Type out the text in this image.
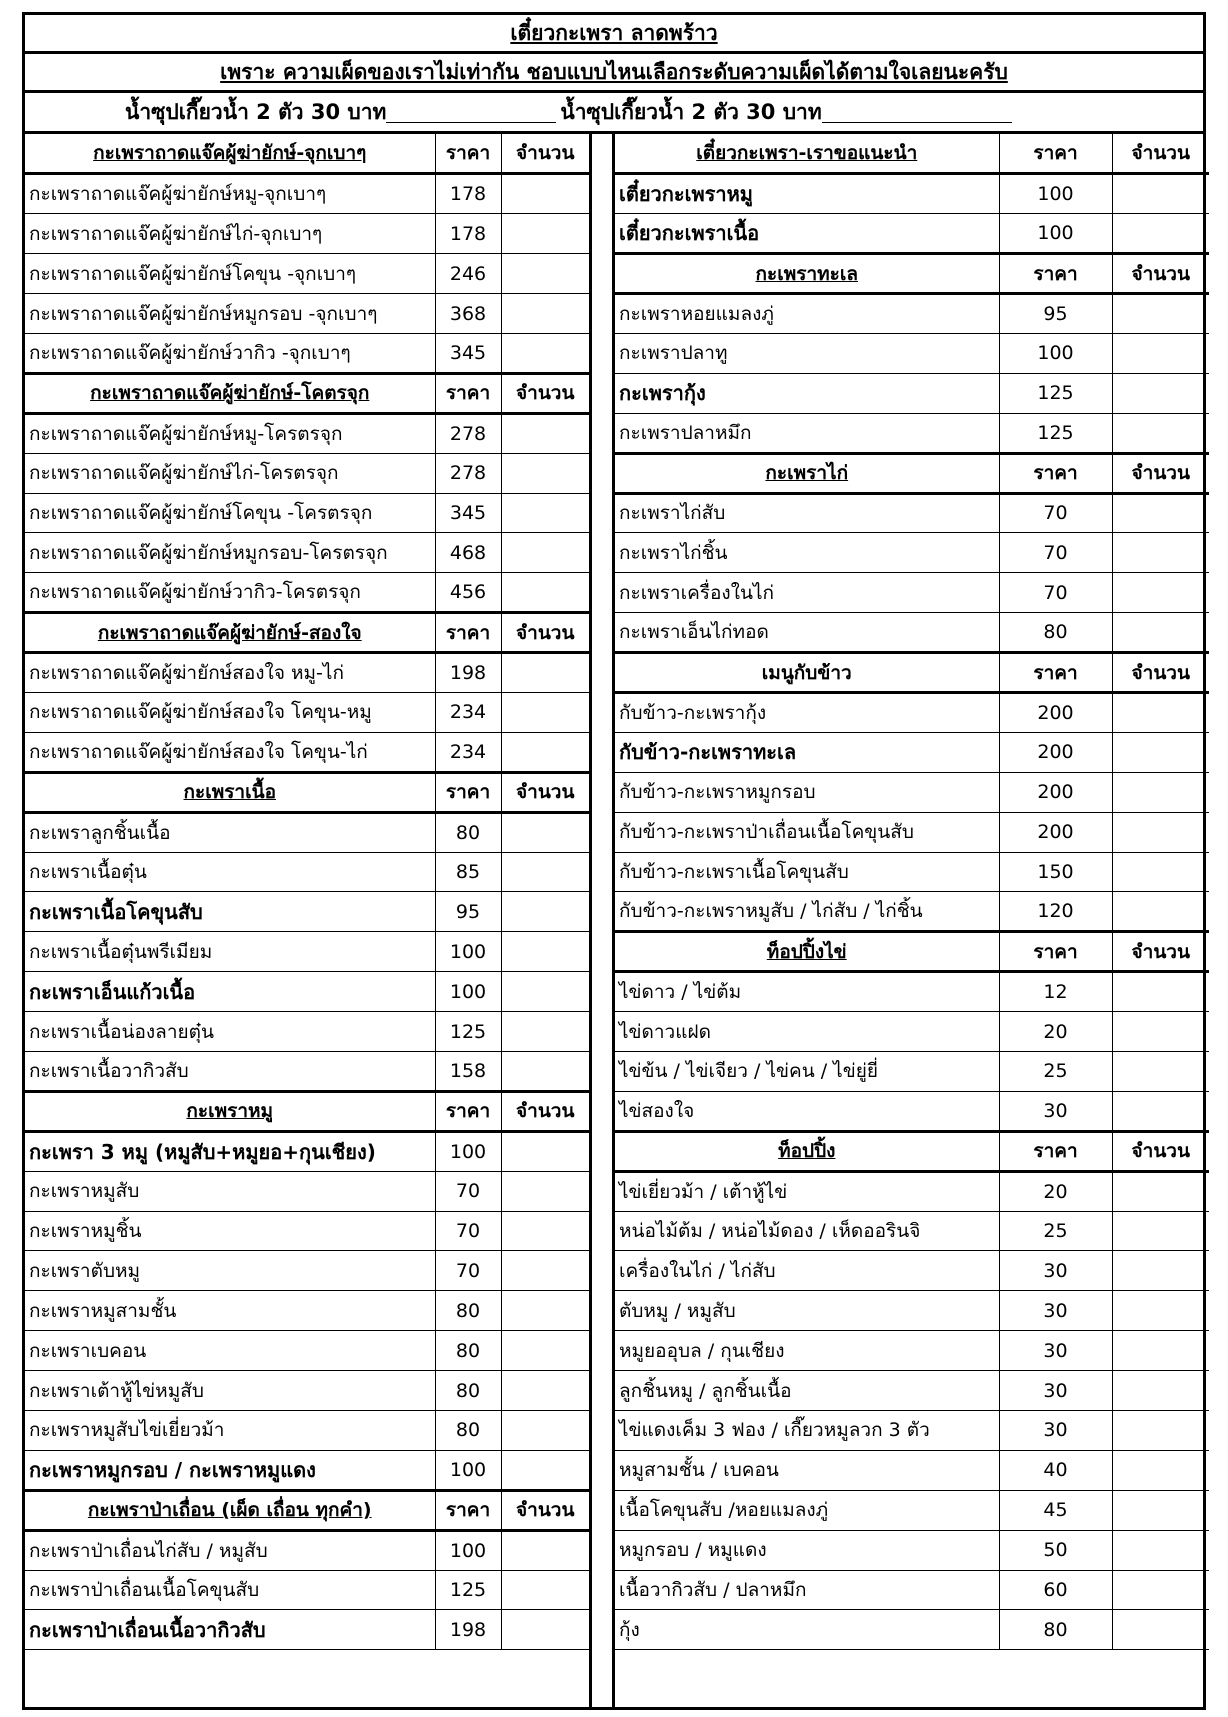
เตี๋ยวกะเพรา ลาดพร้าว
เพราะ ความเผ็ดของเราไม่เท่ากัน ชอบแบบไหนเลือกระดับความเผ็ดได้ตามใจเลยนะครับ
น้ำซุปเกี๊ยวน้ำ 2 ตัว 30 บาท	น้ำซุปเกี๊ยวน้ำ 2 ตัว 30 บาท
กะเพราถาดแจ๊คผู้ฆ่ายักษ์-จุกเบาๆ	ราคา	จำนวน
กะเพราถาดแจ๊คผู้ฆ่ายักษ์หมู-จุกเบาๆ	178	
กะเพราถาดแจ๊คผู้ฆ่ายักษ์ไก่-จุกเบาๆ	178	
กะเพราถาดแจ๊คผู้ฆ่ายักษ์โคขุน -จุกเบาๆ	246	
กะเพราถาดแจ๊คผู้ฆ่ายักษ์หมูกรอบ -จุกเบาๆ	368	
กะเพราถาดแจ๊คผู้ฆ่ายักษ์วากิว -จุกเบาๆ	345	
กะเพราถาดแจ๊คผู้ฆ่ายักษ์-โคตรจุก	ราคา	จำนวน
กะเพราถาดแจ๊คผู้ฆ่ายักษ์หมู-โครตรจุก	278	
กะเพราถาดแจ๊คผู้ฆ่ายักษ์ไก่-โครตรจุก	278	
กะเพราถาดแจ๊คผู้ฆ่ายักษ์โคขุน -โครตรจุก	345	
กะเพราถาดแจ๊คผู้ฆ่ายักษ์หมูกรอบ-โครตรจุก	468	
กะเพราถาดแจ๊คผู้ฆ่ายักษ์วากิว-โครตรจุก	456	
กะเพราถาดแจ๊คผู้ฆ่ายักษ์-สองใจ	ราคา	จำนวน
กะเพราถาดแจ๊คผู้ฆ่ายักษ์สองใจ หมู-ไก่	198	
กะเพราถาดแจ๊คผู้ฆ่ายักษ์สองใจ โคขุน-หมู	234	
กะเพราถาดแจ๊คผู้ฆ่ายักษ์สองใจ โคขุน-ไก่	234	
กะเพราเนื้อ	ราคา	จำนวน
กะเพราลูกชิ้นเนื้อ	80	
กะเพราเนื้อตุ๋น	85	
กะเพราเนื้อโคขุนสับ	95	
กะเพราเนื้อตุ๋นพรีเมียม	100	
กะเพราเอ็นแก้วเนื้อ	100	
กะเพราเนื้อน่องลายตุ๋น	125	
กะเพราเนื้อวากิวสับ	158	
กะเพราหมู	ราคา	จำนวน
กะเพรา 3 หมู (หมูสับ+หมูยอ+กุนเชียง)	100	
กะเพราหมูสับ	70	
กะเพราหมูชิ้น	70	
กะเพราตับหมู	70	
กะเพราหมูสามชั้น	80	
กะเพราเบคอน	80	
กะเพราเต้าหู้ไข่หมูสับ	80	
กะเพราหมูสับไข่เยี่ยวม้า	80	
กะเพราหมูกรอบ / กะเพราหมูแดง	100	
กะเพราป่าเถื่อน (เผ็ด เถื่อน ทุกคำ)	ราคา	จำนวน
กะเพราป่าเถื่อนไก่สับ / หมูสับ	100	
กะเพราป่าเถื่อนเนื้อโคขุนสับ	125	
กะเพราป่าเถื่อนเนื้อวากิวสับ	198	
เตี๋ยวกะเพรา-เราขอแนะนำ	ราคา	จำนวน
เตี๋ยวกะเพราหมู	100	
เตี๋ยวกะเพราเนื้อ	100	
กะเพราทะเล	ราคา	จำนวน
กะเพราหอยแมลงภู่	95	
กะเพราปลาทู	100	
กะเพรากุ้ง	125	
กะเพราปลาหมึก	125	
กะเพราไก่	ราคา	จำนวน
กะเพราไก่สับ	70	
กะเพราไก่ชิ้น	70	
กะเพราเครื่องในไก่	70	
กะเพราเอ็นไก่ทอด	80	
เมนูกับข้าว	ราคา	จำนวน
กับข้าว-กะเพรากุ้ง	200	
กับข้าว-กะเพราทะเล	200	
กับข้าว-กะเพราหมูกรอบ	200	
กับข้าว-กะเพราป่าเถื่อนเนื้อโคขุนสับ	200	
กับข้าว-กะเพราเนื้อโคขุนสับ	150	
กับข้าว-กะเพราหมูสับ / ไก่สับ / ไก่ชิ้น	120	
ท็อปปิ้งไข่	ราคา	จำนวน
ไข่ดาว / ไข่ต้ม	12	
ไข่ดาวแฝด	20	
ไข่ข้น / ไข่เจียว / ไข่คน / ไข่ยู่ยี่	25	
ไข่สองใจ	30	
ท็อปปิ้ง	ราคา	จำนวน
ไข่เยี่ยวม้า / เต้าหู้ไข่	20	
หน่อไม้ต้ม / หน่อไม้ดอง / เห็ดออรินจิ	25	
เครื่องในไก่ / ไก่สับ	30	
ตับหมู / หมูสับ	30	
หมูยออุบล / กุนเชียง	30	
ลูกชิ้นหมู / ลูกชิ้นเนื้อ	30	
ไข่แดงเค็ม 3 ฟอง / เกี๊ยวหมูลวก 3 ตัว	30	
หมูสามชั้น / เบคอน	40	
เนื้อโคขุนสับ /หอยแมลงภู่	45	
หมูกรอบ / หมูแดง	50	
เนื้อวากิวสับ / ปลาหมึก	60	
กุ้ง	80	
